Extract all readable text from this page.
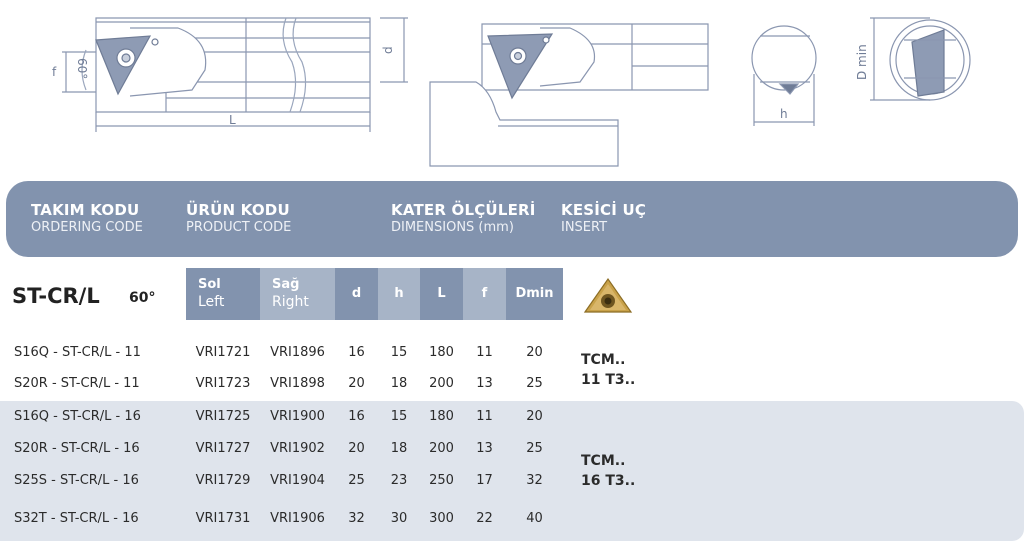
f 60°
L
d
h
D min
TAKIM KODU
ORDERING CODE
ÜRÜN KODU
PRODUCT CODE
KATER ÖLÇÜLERİ
DIMENSIONS (mm)
KESİCİ UÇ
INSERT
ST-CR/L 60°
Sol
Left
Sağ
Right
d	h	L	f	Dmin
S16Q - ST-CR/L - 11	VRI1721	VRI1896	16	15	180	11	20
S20R - ST-CR/L - 11	VRI1723	VRI1898	20	18	200	13	25
S16Q - ST-CR/L - 16	VRI1725	VRI1900	16	15	180	11	20
S20R - ST-CR/L - 16	VRI1727	VRI1902	20	18	200	13	25
S25S - ST-CR/L - 16	VRI1729	VRI1904	25	23	250	17	32
S32T - ST-CR/L - 16	VRI1731	VRI1906	32	30	300	22	40
TCM..
11 T3..
TCM..
16 T3..
